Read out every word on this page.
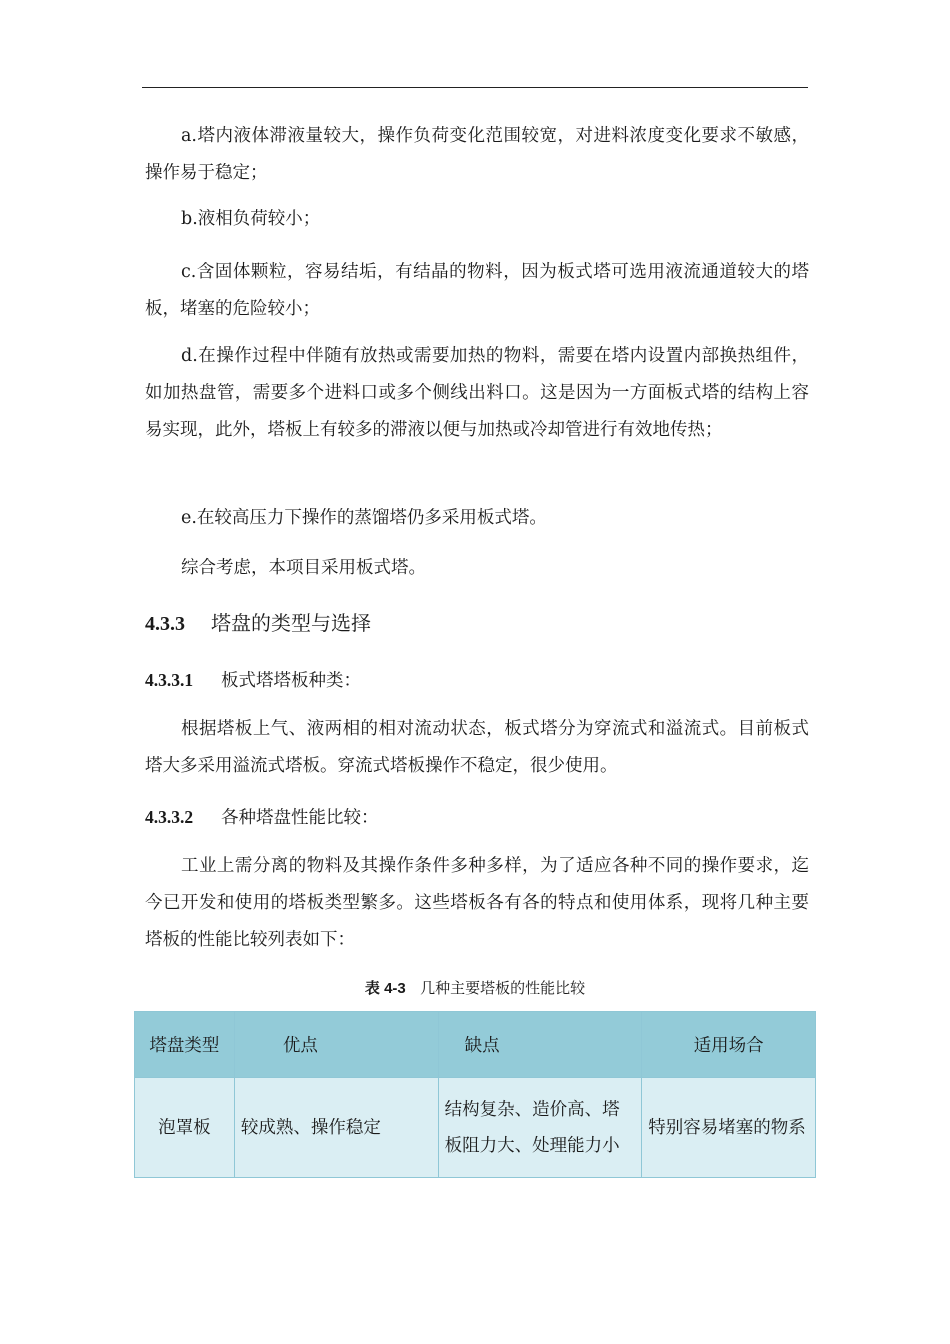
a.塔内液体滞液量较大，操作负荷变化范围较宽，对进料浓度变化要求不敏感，操作易于稳定；
b.液相负荷较小；
c.含固体颗粒，容易结垢，有结晶的物料，因为板式塔可选用液流通道较大的塔板，堵塞的危险较小；
d.在操作过程中伴随有放热或需要加热的物料，需要在塔内设置内部换热组件，如加热盘管，需要多个进料口或多个侧线出料口。这是因为一方面板式塔的结构上容易实现，此外，塔板上有较多的滞液以便与加热或冷却管进行有效地传热；
e.在较高压力下操作的蒸馏塔仍多采用板式塔。
综合考虑，本项目采用板式塔。
4.3.3 塔盘的类型与选择
4.3.3.1 板式塔塔板种类：
根据塔板上气、液两相的相对流动状态，板式塔分为穿流式和溢流式。目前板式塔大多采用溢流式塔板。穿流式塔板操作不稳定，很少使用。
4.3.3.2 各种塔盘性能比较：
工业上需分离的物料及其操作条件多种多样，为了适应各种不同的操作要求，迄今已开发和使用的塔板类型繁多。这些塔板各有各的特点和使用体系，现将几种主要塔板的性能比较列表如下：
表 4-3 几种主要塔板的性能比较
塔盘类型	优点	缺点	适用场合
泡罩板	较成熟、操作稳定	结构复杂、造价高、塔板阻力大、处理能力小	特别容易堵塞的物系
